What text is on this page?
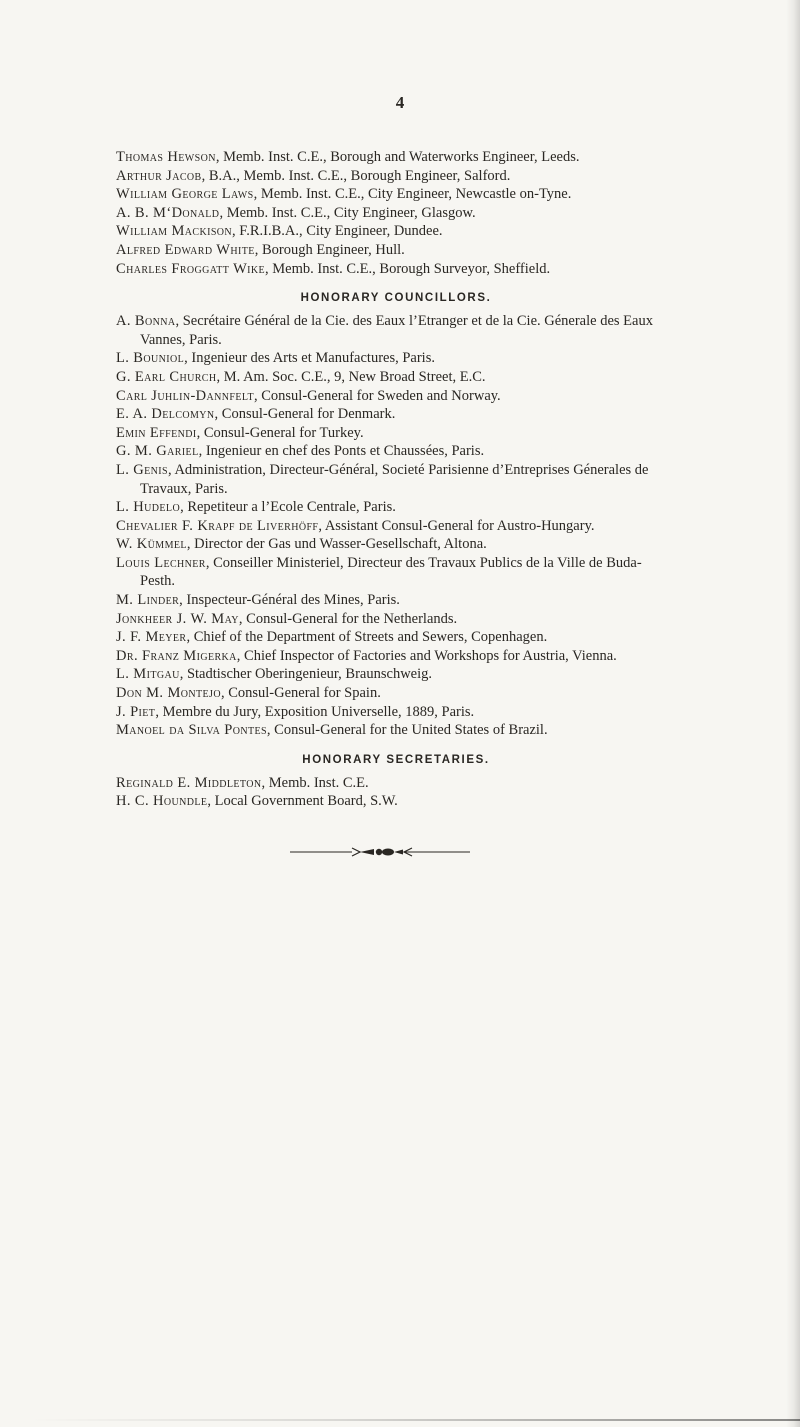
4

Thomas Hewson, Memb. Inst. C.E., Borough and Waterworks Engineer, Leeds.

Arthur Jacob, B.A., Memb. Inst. C.E., Borough Engineer, Salford.

William George Laws, Memb. Inst. C.E., City Engineer, Newcastle on-Tyne.

A. B. M‘Donald, Memb. Inst. C.E., City Engineer, Glasgow.

William Mackison, F.R.I.B.A., City Engineer, Dundee.

Alfred Edward White, Borough Engineer, Hull.

Charles Froggatt Wike, Memb. Inst. C.E., Borough Surveyor, Sheffield.

HONORARY COUNCILLORS.

A. Bonna, Secrétaire Général de la Cie. des Eaux l’Etranger et de la Cie. Génerale des Eaux Vannes, Paris.

L. Bouniol, Ingenieur des Arts et Manufactures, Paris.

G. Earl Church, M. Am. Soc. C.E., 9, New Broad Street, E.C.

Carl Juhlin-Dannfelt, Consul-General for Sweden and Norway.

E. A. Delcomyn, Consul-General for Denmark.

Emin Effendi, Consul-General for Turkey.

G. M. Gariel, Ingenieur en chef des Ponts et Chaussées, Paris.

L. Genis, Administration, Directeur-Général, Societé Parisienne d’Entreprises Génerales de Travaux, Paris.

L. Hudelo, Repetiteur a l’Ecole Centrale, Paris.

Chevalier F. Krapf de Liverhöff, Assistant Consul-General for Austro-Hungary.

W. Kümmel, Director der Gas und Wasser-Gesellschaft, Altona.

Louis Lechner, Conseiller Ministeriel, Directeur des Travaux Publics de la Ville de Buda-Pesth.

M. Linder, Inspecteur-Général des Mines, Paris.

Jonkheer J. W. May, Consul-General for the Netherlands.

J. F. Meyer, Chief of the Department of Streets and Sewers, Copenhagen.

Dr. Franz Migerka, Chief Inspector of Factories and Workshops for Austria, Vienna.

L. Mitgau, Stadtischer Oberingenieur, Braunschweig.

Don M. Montejo, Consul-General for Spain.

J. Piet, Membre du Jury, Exposition Universelle, 1889, Paris.

Manoel da Silva Pontes, Consul-General for the United States of Brazil.

HONORARY SECRETARIES.

Reginald E. Middleton, Memb. Inst. C.E.

H. C. Houndle, Local Government Board, S.W.
